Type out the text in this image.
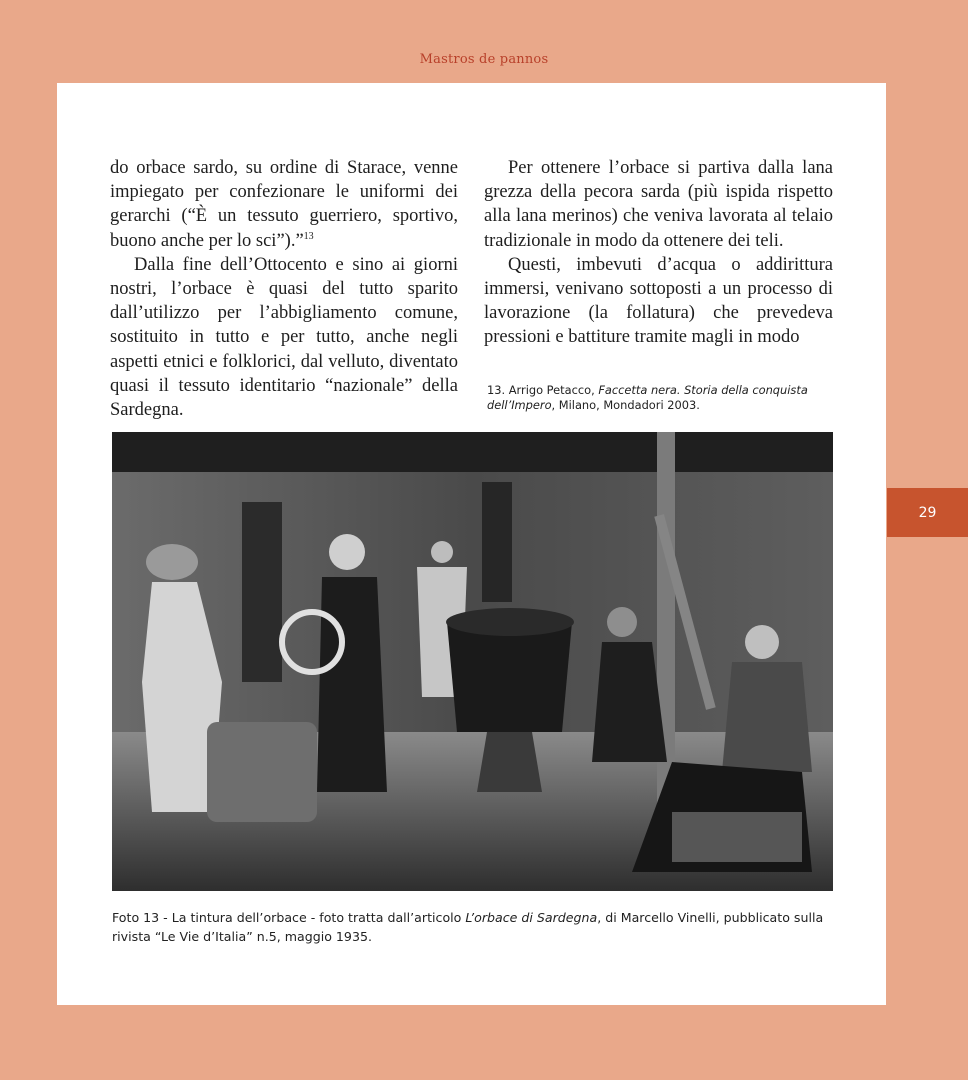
Mastros de pannos

do orbace sardo, su ordine di Starace, venne impiegato per confezionare le uniformi dei gerarchi (“È un tessuto guerriero, sportivo, buono anche per lo sci”).”$^{13}$

Dalla fine dell’Ottocento e sino ai giorni nostri, l’orbace è quasi del tutto sparito dall’utilizzo per l’abbigliamento comune, sostituito in tutto e per tutto, anche negli aspetti etnici e folklorici, dal velluto, diventato quasi il tessuto identitario “nazionale” della Sardegna.

Per ottenere l’orbace si partiva dalla lana grezza della pecora sarda (più ispida rispetto alla lana merinos) che veniva lavorata al telaio tradizionale in modo da ottenere dei teli.

Questi, imbevuti d’acqua o addirittura immersi, venivano sottoposti a un processo di lavorazione (la follatura) che prevedeva pressioni e battiture tramite magli in modo

13. Arrigo Petacco, Faccetta nera. Storia della conquista dell’Impero, Milano, Mondadori 2003.
Foto 13 - La tintura dell’orbace - foto tratta dall’articolo L’orbace di Sardegna, di Marcello Vinelli, pubblicato sulla rivista “Le Vie d’Italia” n.5, maggio 1935.
29
